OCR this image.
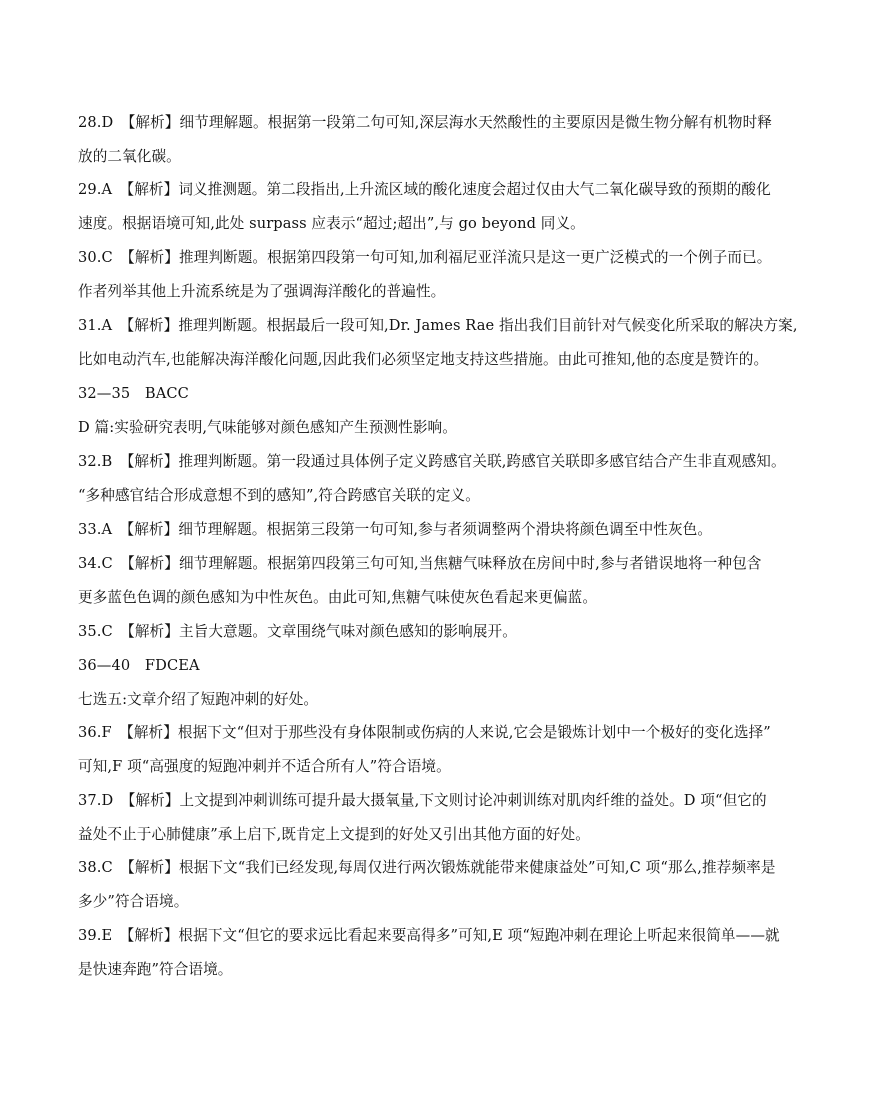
28.D　【解析】细节理解题。根据第一段第二句可知,深层海水天然酸性的主要原因是微生物分解有机物时释
放的二氧化碳。
29.A　【解析】词义推测题。第二段指出,上升流区域的酸化速度会超过仅由大气二氧化碳导致的预期的酸化
速度。根据语境可知,此处 surpass 应表示“超过;超出”,与 go beyond 同义。
30.C　【解析】推理判断题。根据第四段第一句可知,加利福尼亚洋流只是这一更广泛模式的一个例子而已。
作者列举其他上升流系统是为了强调海洋酸化的普遍性。
31.A　【解析】推理判断题。根据最后一段可知,Dr. James Rae 指出我们目前针对气候变化所采取的解决方案,
比如电动汽车,也能解决海洋酸化问题,因此我们必须坚定地支持这些措施。由此可推知,他的态度是赞许的。
32—35　BACC
D 篇:实验研究表明,气味能够对颜色感知产生预测性影响。
32.B　【解析】推理判断题。第一段通过具体例子定义跨感官关联,跨感官关联即多感官结合产生非直观感知。
“多种感官结合形成意想不到的感知”,符合跨感官关联的定义。
33.A　【解析】细节理解题。根据第三段第一句可知,参与者须调整两个滑块将颜色调至中性灰色。
34.C　【解析】细节理解题。根据第四段第三句可知,当焦糖气味释放在房间中时,参与者错误地将一种包含
更多蓝色色调的颜色感知为中性灰色。由此可知,焦糖气味使灰色看起来更偏蓝。
35.C　【解析】主旨大意题。文章围绕气味对颜色感知的影响展开。
36—40　FDCEA
七选五:文章介绍了短跑冲刺的好处。
36.F　【解析】根据下文“但对于那些没有身体限制或伤病的人来说,它会是锻炼计划中一个极好的变化选择”
可知,F 项“高强度的短跑冲刺并不适合所有人”符合语境。
37.D　【解析】上文提到冲刺训练可提升最大摄氧量,下文则讨论冲刺训练对肌肉纤维的益处。D 项“但它的
益处不止于心肺健康”承上启下,既肯定上文提到的好处又引出其他方面的好处。
38.C　【解析】根据下文“我们已经发现,每周仅进行两次锻炼就能带来健康益处”可知,C 项“那么,推荐频率是
多少”符合语境。
39.E　【解析】根据下文“但它的要求远比看起来要高得多”可知,E 项“短跑冲刺在理论上听起来很简单——就
是快速奔跑”符合语境。
